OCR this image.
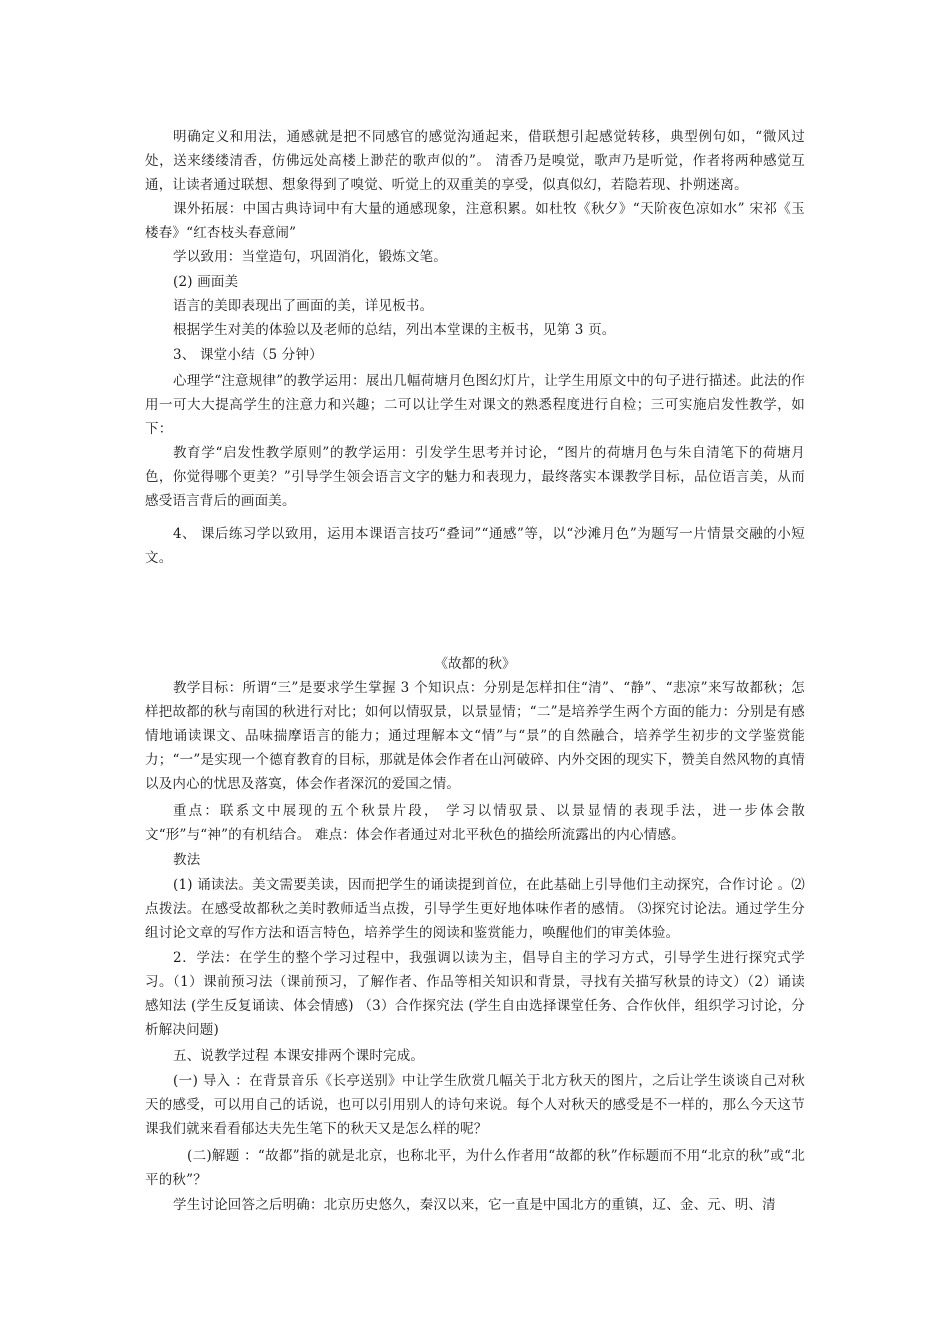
明确定义和用法，通感就是把不同感官的感觉沟通起来，借联想引起感觉转移，典型例句如，“微风过处，送来缕缕清香，仿佛远处高楼上渺茫的歌声似的”。 清香乃是嗅觉，歌声乃是听觉，作者将两种感觉互通，让读者通过联想、想象得到了嗅觉、听觉上的双重美的享受，似真似幻，若隐若现、扑朔迷离。

课外拓展：中国古典诗词中有大量的通感现象，注意积累。如杜牧《秋夕》“天阶夜色凉如水” 宋祁《玉楼春》“红杏枝头春意闹”

学以致用：当堂造句，巩固消化，锻炼文笔。

(2) 画面美

语言的美即表现出了画面的美，详见板书。

根据学生对美的体验以及老师的总结，列出本堂课的主板书，见第 3 页。

3、 课堂小结（5 分钟）

心理学“注意规律”的教学运用：展出几幅荷塘月色图幻灯片，让学生用原文中的句子进行描述。此法的作用一可大大提高学生的注意力和兴趣；二可以让学生对课文的熟悉程度进行自检；三可实施启发性教学，如下：

教育学“启发性教学原则”的教学运用：引发学生思考并讨论，“图片的荷塘月色与朱自清笔下的荷塘月色，你觉得哪个更美？”引导学生领会语言文字的魅力和表现力，最终落实本课教学目标，品位语言美，从而感受语言背后的画面美。

4、 课后练习学以致用，运用本课语言技巧“叠词”“通感”等，以“沙滩月色”为题写一片情景交融的小短文。

《故都的秋》

教学目标：所谓“三”是要求学生掌握 3 个知识点：分别是怎样扣住“清”、“静”、“悲凉”来写故都秋；怎样把故都的秋与南国的秋进行对比；如何以情驭景，以景显情；“二”是培养学生两个方面的能力：分别是有感情地诵读课文、品味揣摩语言的能力；通过理解本文“情”与“景”的自然融合，培养学生初步的文学鉴赏能力；“一”是实现一个德育教育的目标，那就是体会作者在山河破碎、内外交困的现实下，赞美自然风物的真情以及内心的忧思及落寞，体会作者深沉的爱国之情。

重点：联系文中展现的五个秋景片段， 学习以情驭景、以景显情的表现手法，进一步体会散文“形”与“神”的有机结合。 难点：体会作者通过对北平秋色的描绘所流露出的内心情感。

教法

(1) 诵读法。美文需要美读，因而把学生的诵读提到首位，在此基础上引导他们主动探究，合作讨论 。⑵点拨法。在感受故都秋之美时教师适当点拨，引导学生更好地体味作者的感情。 ⑶探究讨论法。通过学生分组讨论文章的写作方法和语言特色，培养学生的阅读和鉴赏能力，唤醒他们的审美体验。

2．学法：在学生的整个学习过程中，我强调以读为主，倡导自主的学习方式，引导学生进行探究式学习。（1）课前预习法（课前预习，了解作者、作品等相关知识和背景，寻找有关描写秋景的诗文）（2）诵读感知法 (学生反复诵读、体会情感) （3）合作探究法 (学生自由选择课堂任务、合作伙伴，组织学习讨论，分析解决问题)

五、说教学过程 本课安排两个课时完成。

(一) 导入 ：在背景音乐《长亭送别》中让学生欣赏几幅关于北方秋天的图片，之后让学生谈谈自己对秋天的感受，可以用自己的话说，也可以引用别人的诗句来说。每个人对秋天的感受是不一样的，那么今天这节课我们就来看看郁达夫先生笔下的秋天又是怎么样的呢？

(二)解题 ：“故都”指的就是北京，也称北平，为什么作者用“故都的秋”作标题而不用“北京的秋”或“北平的秋”？

学生讨论回答之后明确：北京历史悠久，秦汉以来，它一直是中国北方的重镇，辽、金、元、明、清
